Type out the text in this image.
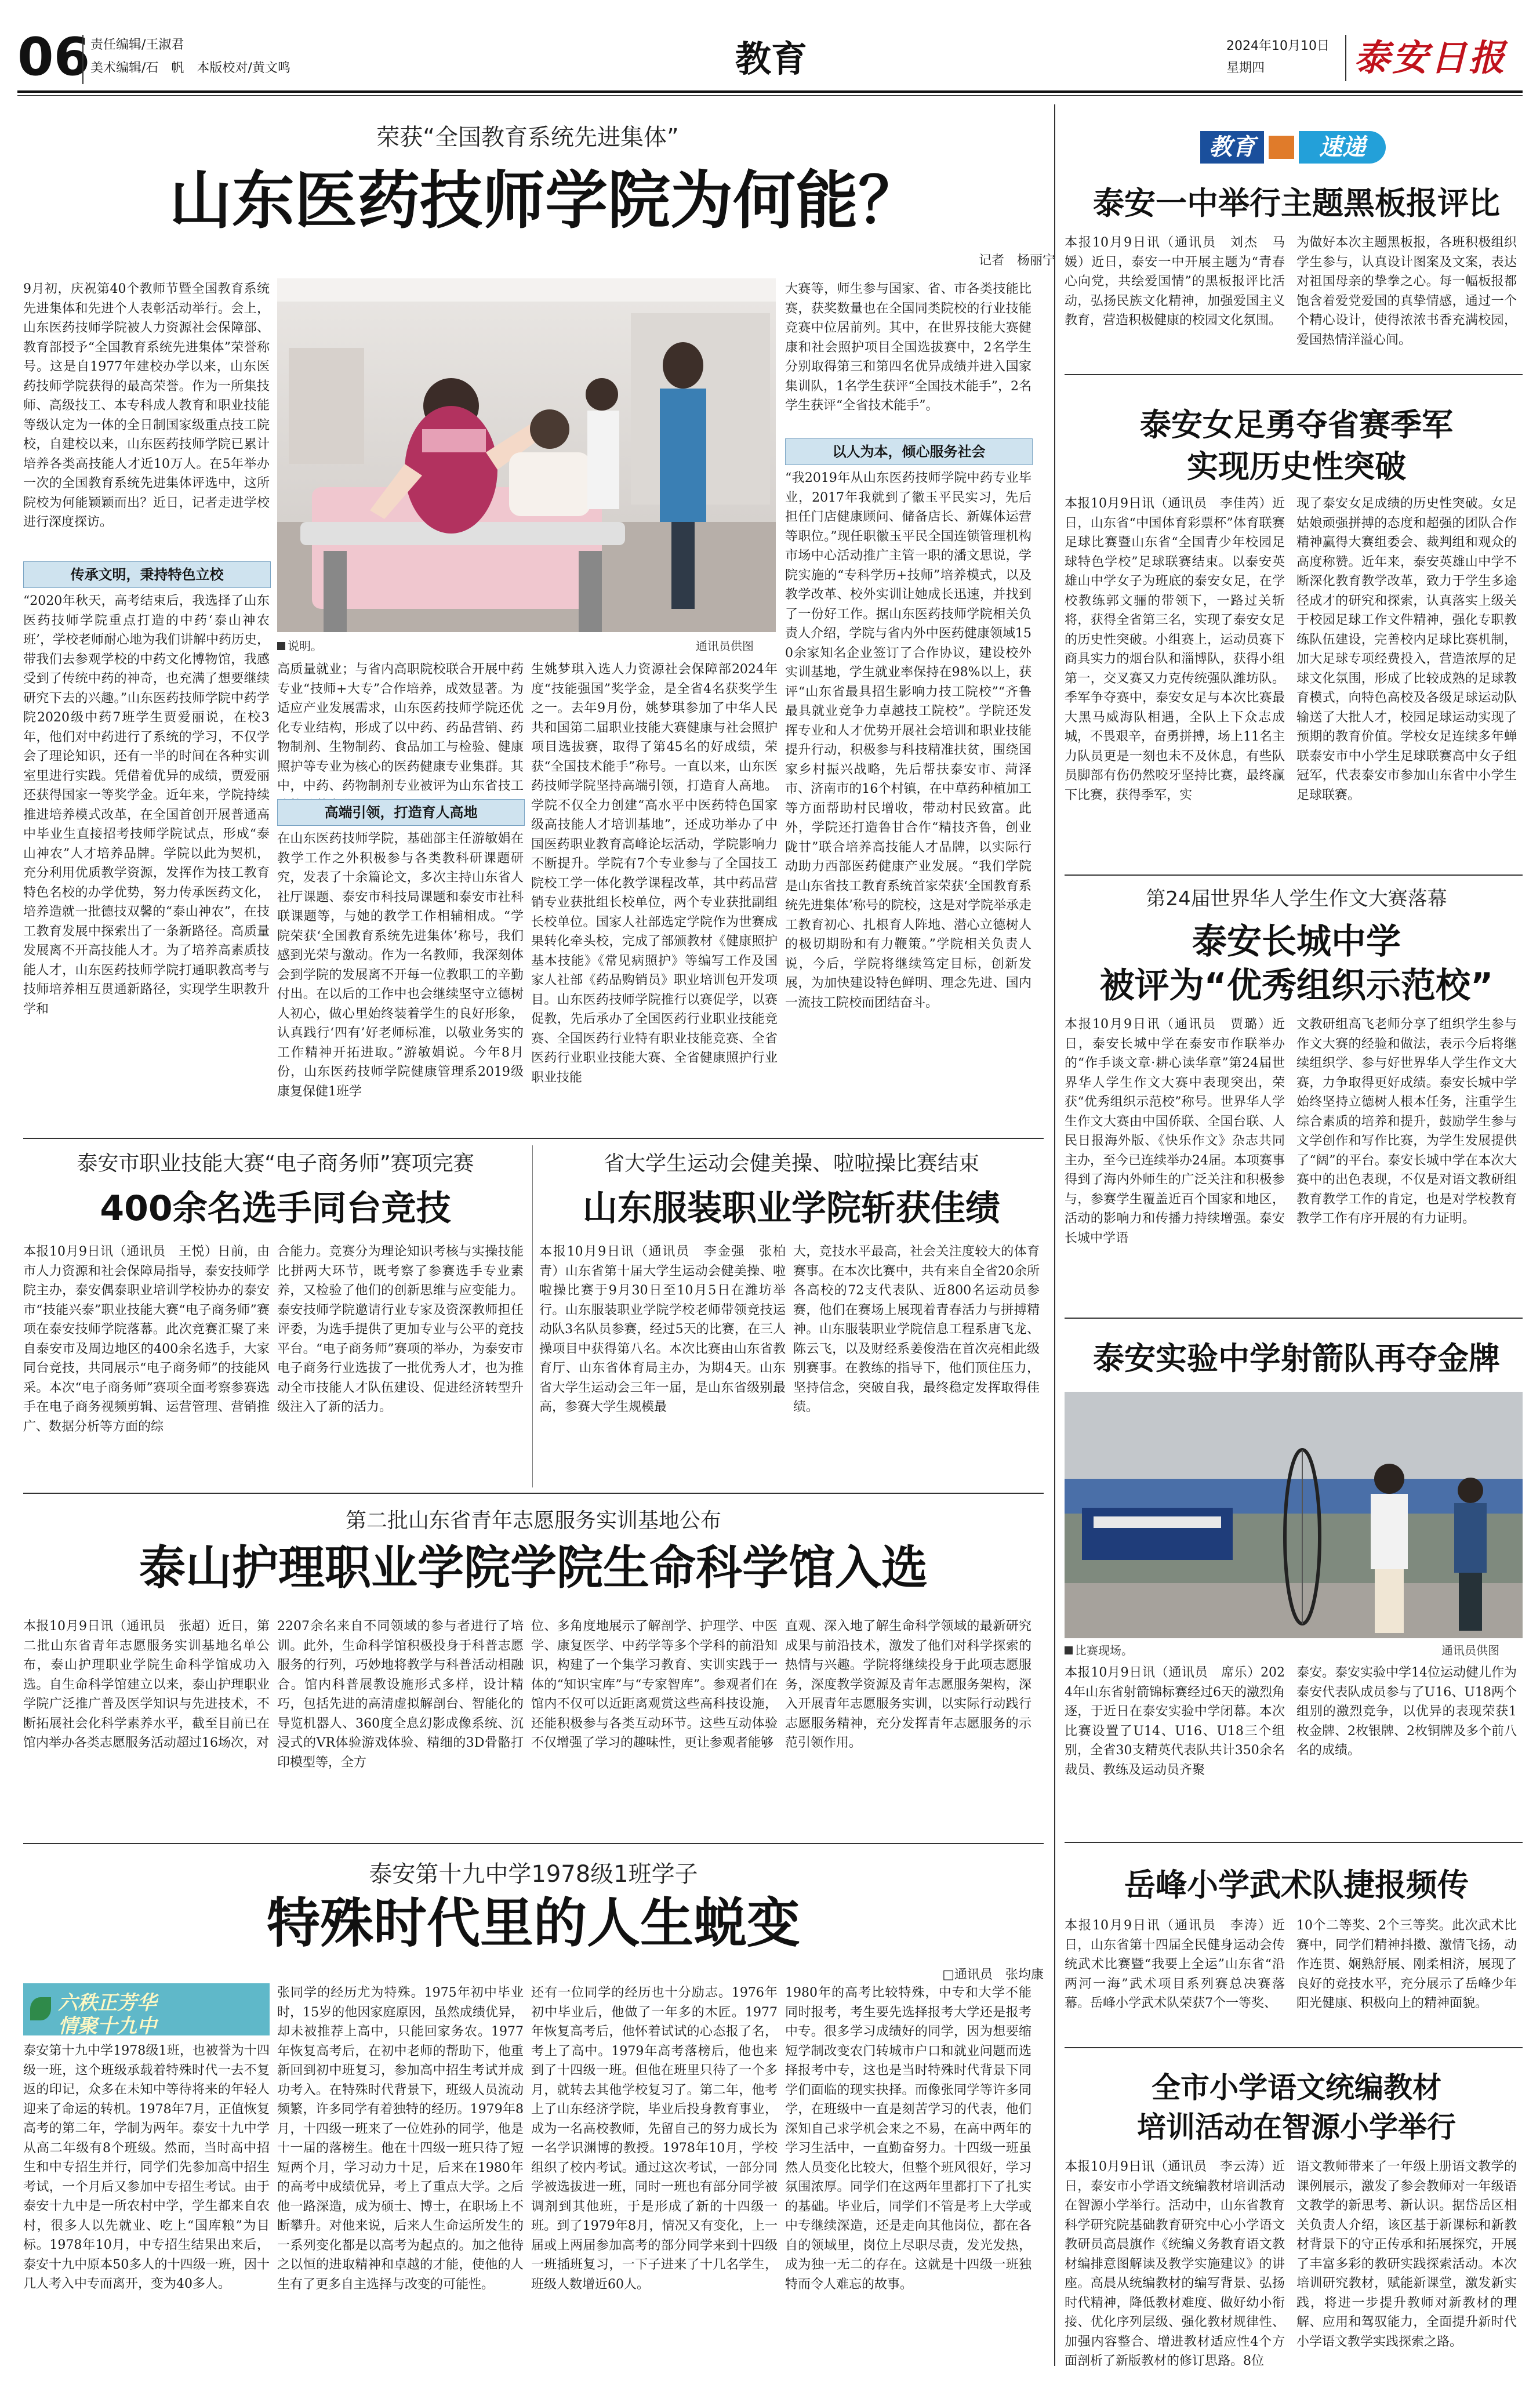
06 责任编辑/王淑君
美术编辑/石　帆　本版校对/黄文鸣	教育	2024年10月10日
星期四 泰安日报
荣获“全国教育系统先进集体”
山东医药技师学院为何能？
记者　杨丽宁

9月初，庆祝第40个教师节暨全国教育系统先进集体和先进个人表彰活动举行。会上，山东医药技师学院被人力资源社会保障部、教育部授予“全国教育系统先进集体”荣誉称号。这是自1977年建校办学以来，山东医药技师学院获得的最高荣誉。作为一所集技师、高级技工、本专科成人教育和职业技能等级认定为一体的全日制国家级重点技工院校，自建校以来，山东医药技师学院已累计培养各类高技能人才近10万人。在5年举办一次的全国教育系统先进集体评选中，这所院校为何能颖颖而出？近日，记者走进学校进行深度探访。

传承文明，秉持特色立校

“2020年秋天，高考结束后，我选择了山东医药技师学院重点打造的中药‘泰山神农班’，学校老师耐心地为我们讲解中药历史，带我们去参观学校的中药文化博物馆，我感受到了传统中药的神奇，也充满了想要继续研究下去的兴趣。”山东医药技师学院中药学院2020级中药7班学生贾爱丽说，在校3年，他们对中药进行了系统的学习，不仅学会了理论知识，还有一半的时间在各种实训室里进行实践。凭借着优异的成绩，贾爱丽还获得国家一等奖学金。近年来，学院持续推进培养模式改革，在全国首创开展普通高中毕业生直接招考技师学院试点，形成“泰山神农”人才培养品牌。学院以此为契机，充分利用优质教学资源，发挥作为技工教育特色名校的办学优势，努力传承医药文化，培养造就一批德技双馨的“泰山神农”，在技工教育发展中探索出了一条新路径。高质量发展离不开高技能人才。为了培养高素质技能人才，山东医药技师学院打通职教高考与技师培养相互贯通新路径，实现学生职教升学和

说明。	通讯员供图

高质量就业；与省内高职院校联合开展中药专业“技师+大专”合作培养，成效显著。为适应产业发展需求，山东医药技师学院还优化专业结构，形成了以中药、药品营销、药物制剂、生物制药、食品加工与检验、健康照护等专业为核心的医药健康专业集群。其中，中药、药物制剂专业被评为山东省技工

高端引领，打造育人高地

在山东医药技师学院，基础部主任游敏娟在教学工作之外积极参与各类教科研课题研究，发表了十余篇论文，多次主持山东省人社厅课题、泰安市科技局课题和泰安市社科联课题等，与她的教学工作相辅相成。“学院荣获‘全国教育系统先进集体’称号，我们感到光荣与激动。作为一名教师，我深刻体会到学院的发展离不开每一位教职工的辛勤付出。在以后的工作中也会继续坚守立德树人初心，做心里始终装着学生的良好形象，认真践行‘四有’好老师标准，以敬业务实的工作精神开拓进取。”游敏娟说。今年8月份，山东医药技师学院健康管理系2019级康复保健1班学

生姚梦琪入选人力资源社会保障部2024年度“技能强国”奖学金，是全省4名获奖学生之一。去年9月份，姚梦琪参加了中华人民共和国第二届职业技能大赛健康与社会照护项目选拔赛，取得了第45名的好成绩，荣获“全国技术能手”称号。一直以来，山东医药技师学院坚持高端引领，打造育人高地。学院不仅全力创建“高水平中医药特色国家级高技能人才培训基地”，还成功举办了中国医药职业教育高峰论坛活动，学院影响力不断提升。学院有7个专业参与了全国技工院校工学一体化教学课程改革，其中药品营销专业获批组长校单位，两个专业获批副组长校单位。国家人社部选定学院作为世赛成果转化牵头校，完成了部颁教材《健康照护基本技能》《常见病照护》等编写工作及国家人社部《药品购销员》职业培训包开发项目。山东医药技师学院推行以赛促学，以赛促教，先后承办了全国医药行业职业技能竞赛、全国医药行业特有职业技能竞赛、全省医药行业职业技能大赛、全省健康照护行业职业技能

大赛等，师生参与国家、省、市各类技能比赛，获奖数量也在全国同类院校的行业技能竞赛中位居前列。其中，在世界技能大赛健康和社会照护项目全国选拔赛中，2名学生分别取得第三和第四名优异成绩并进入国家集训队，1名学生获评“全国技术能手”，2名学生获评“全省技术能手”。

以人为本，倾心服务社会

“我2019年从山东医药技师学院中药专业毕业，2017年我就到了徽玉平民实习，先后担任门店健康顾问、储备店长、新媒体运营等职位。”现任职徽玉平民全国连锁管理机构市场中心活动推广主管一职的潘文思说，学院实施的“专科学历+技师”培养模式，以及教学改革、校外实训让她成长迅速，并找到了一份好工作。据山东医药技师学院相关负责人介绍，学院与省内外中医药健康领域150余家知名企业签订了合作协议，建设校外实训基地，学生就业率保持在98%以上，获评“山东省最具招生影响力技工院校”“齐鲁最具就业竞争力卓越技工院校”。学院还发挥专业和人才优势开展社会培训和职业技能提升行动，积极参与科技精准扶贫，围绕国家乡村振兴战略，先后帮扶泰安市、菏泽市、济南市的16个村镇，在中草药种植加工等方面帮助村民增收，带动村民致富。此外，学院还打造鲁甘合作“精技齐鲁，创业陇甘”联合培养高技能人才品牌，以实际行动助力西部医药健康产业发展。“我们学院是山东省技工教育系统首家荣获‘全国教育系统先进集体’称号的院校，这是对学院举承走工教育初心、扎根育人阵地、潜心立德树人的极切期盼和有力鞭策。”学院相关负责人说，今后，学院将继续笃定目标，创新发展，为加快建设特色鲜明、理念先进、国内一流技工院校而团结奋斗。

泰安市职业技能大赛“电子商务师”赛项完赛
400余名选手同台竞技

本报10月9日讯（通讯员　王悦）日前，由市人力资源和社会保障局指导，泰安技师学院主办，泰安偶泰职业培训学校协办的泰安市“技能兴泰”职业技能大赛“电子商务师”赛项在泰安技师学院落幕。此次竞赛汇聚了来自泰安市及周边地区的400余名选手，大家同台竞技，共同展示“电子商务师”的技能风采。本次“电子商务师”赛项全面考察参赛选手在电子商务视频剪辑、运营管理、营销推广、数据分析等方面的综

合能力。竞赛分为理论知识考核与实操技能比拼两大环节，既考察了参赛选手专业素养，又检验了他们的创新思维与应变能力。泰安技师学院邀请行业专家及资深教师担任评委，为选手提供了更加专业与公平的竞技平台。“电子商务师”赛项的举办，为泰安市电子商务行业选拔了一批优秀人才，也为推动全市技能人才队伍建设、促进经济转型升级注入了新的活力。

省大学生运动会健美操、啦啦操比赛结束
山东服装职业学院斩获佳绩

本报10月9日讯（通讯员　李金强　张柏青）山东省第十届大学生运动会健美操、啦啦操比赛于9月30日至10月5日在潍坊举行。山东服装职业学院学校老师带领竞技运动队3名队员参赛，经过5天的比赛，在三人操项目中获得第八名。本次比赛由山东省教育厅、山东省体育局主办，为期4天。山东省大学生运动会三年一届，是山东省级别最高，参赛大学生规模最

大，竞技水平最高，社会关注度较大的体育赛事。在本次比赛中，共有来自全省20余所各高校的72支代表队、近800名运动员参赛，他们在赛场上展现着青春活力与拼搏精神。山东服装职业学院信息工程系唐飞龙、陈云飞，以及财经系姜俊浩在首次亮相此级别赛事。在教练的指导下，他们顶住压力，坚持信念，突破自我，最终稳定发挥取得佳绩。

第二批山东省青年志愿服务实训基地公布
泰山护理职业学院学院生命科学馆入选

本报10月9日讯（通讯员　张超）近日，第二批山东省青年志愿服务实训基地名单公布，泰山护理职业学院生命科学馆成功入选。自生命科学馆建立以来，泰山护理职业学院广泛推广普及医学知识与先进技术，不断拓展社会化科学素养水平，截至目前已在馆内举办各类志愿服务活动超过16场次，对

2207余名来自不同领域的参与者进行了培训。此外，生命科学馆积极投身于科普志愿服务的行列，巧妙地将教学与科普活动相融合。馆内科普展教设施形式多样，设计精巧，包括先进的高清虚拟解剖台、智能化的导览机器人、360度全息幻影成像系统、沉浸式的VR体验游戏体验、精细的3D骨骼打印模型等，全方

位、多角度地展示了解剖学、护理学、中医学、康复医学、中药学等多个学科的前沿知识，构建了一个集学习教育、实训实践于一体的“知识宝库”与“专家智库”。参观者们在馆内不仅可以近距离观赏这些高科技设施，还能积极参与各类互动环节。这些互动体验不仅增强了学习的趣味性，更让参观者能够

直观、深入地了解生命科学领域的最新研究成果与前沿技术，激发了他们对科学探索的热情与兴趣。学院将继续投身于此项志愿服务，深度教学资源及青年志愿服务架构，深入开展青年志愿服务实训，以实际行动践行志愿服务精神，充分发挥青年志愿服务的示范引领作用。

泰安第十九中学1978级1班学子
特殊时代里的人生蜕变
□通讯员　张均康
六秩正芳华
情聚十九中

泰安第十九中学1978级1班，也被誉为十四级一班，这个班级承载着特殊时代一去不复返的印记，众多在未知中等待将来的年轻人迎来了命运的转机。1978年7月，正值恢复高考的第二年，学制为两年。泰安十九中学从高二年级有8个班级。然而，当时高中招生和中专招生并行，同学们先参加高中招生考试，一个月后又参加中专招生考试。由于泰安十九中是一所农村中学，学生都来自农村，很多人以先就业、吃上“国库粮”为目标。1978年10月，中专招生结果出来后，泰安十九中原本50多人的十四级一班，因十几人考入中专而离开，变为40多人。

张同学的经历尤为特殊。1975年初中毕业时，15岁的他因家庭原因，虽然成绩优异，却未被推荐上高中，只能回家务农。1977年恢复高考后，在初中老师的帮助下，他重新回到初中班复习，参加高中招生考试并成功考入。在特殊时代背景下，班级人员流动频繁，许多同学有着独特的经历。1979年8月，十四级一班来了一位姓孙的同学，他是十一届的落榜生。他在十四级一班只待了短短两个月，学习动力十足，后来在1980年的高考中成绩优异，考上了重点大学。之后他一路深造，成为硕士、博士，在职场上不断攀升。对他来说，后来人生命运所发生的一系列变化都是以高考为起点的。加之他待之以恒的进取精神和卓越的才能，使他的人生有了更多自主选择与改变的可能性。

还有一位同学的经历也十分励志。1976年初中毕业后，他做了一年多的木匠。1977年恢复高考后，他怀着试试的心态报了名，考上了高中。1979年高考落榜后，他也来到了十四级一班。但他在班里只待了一个多月，就转去其他学校复习了。第二年，他考上了山东经济学院，毕业后投身教育事业，成为一名高校教师，先留自己的努力成长为一名学识渊博的教授。1978年10月，学校组织了校内考试。通过这次考试，一部分同学被选拔进一班，同时一班也有部分同学被调剂到其他班，于是形成了新的十四级一班。到了1979年8月，情况又有变化，上一届或上两届参加高考的部分同学来到十四级一班插班复习，一下子进来了十几名学生，班级人数增近60人。

1980年的高考比较特殊，中专和大学不能同时报考，考生要先选择报考大学还是报考中专。很多学习成绩好的同学，因为想要缩短学制改变农门转城市户口和就业问题而选择报考中专，这也是当时特殊时代背景下同学们面临的现实抉择。而像张同学等许多同学，在班级中一直是刻苦学习的代表，他们深知自己求学机会来之不易，在高中两年的学习生活中，一直勤奋努力。十四级一班虽然人员变化比较大，但整个班风很好，学习氛围浓厚。同学们在这两年里都打下了扎实的基础。毕业后，同学们不管是考上大学或中专继续深造，还是走向其他岗位，都在各自的领域里，岗位上尽职尽责，发光发热，成为独一无二的存在。这就是十四级一班独特而令人难忘的故事。

教育	速递
泰安一中举行主题黑板报评比

本报10月9日讯（通讯员　刘杰　马媛）近日，泰安一中开展主题为“青春心向党，共绘爱国情”的黑板报评比活动，弘扬民族文化精神，加强爱国主义教育，营造积极健康的校园文化氛围。

为做好本次主题黑板报，各班积极组织学生参与，认真设计图案及文案，表达对祖国母亲的挚拳之心。每一幅板报都饱含着爱党爱国的真挚情感，通过一个个精心设计，使得浓浓书香充满校园，爱国热情洋溢心间。

泰安女足勇夺省赛季军
实现历史性突破

本报10月9日讯（通讯员　李佳芮）近日，山东省“中国体育彩票杯”体育联赛足球比赛暨山东省“全国青少年校园足球特色学校”足球联赛结束。以泰安英雄山中学女子为班底的泰安女足，在学校教练郭文骊的带领下，一路过关斩将，获得全省第三名，实现了泰安女足的历史性突破。小组赛上，运动员赛下商具实力的烟台队和淄博队，获得小组第一，交叉赛又力克传统强队潍坊队。季军争夺赛中，泰安女足与本次比赛最大黑马威海队相遇，全队上下众志成城，不畏艰辛，奋勇拼搏，场上11名主力队员更是一刻也未不及休息，有些队员脚部有伤仍然咬牙坚持比赛，最终赢下比赛，获得季军，实

现了泰安女足成绩的历史性突破。女足姑娘顽强拼搏的态度和超强的团队合作精神赢得大赛组委会、裁判组和观众的高度称赞。近年来，泰安英雄山中学不断深化教育教学改革，致力于学生多途径成才的研究和探索，认真落实上级关于校园足球工作文件精神，强化专职教练队伍建设，完善校内足球比赛机制，加大足球专项经费投入，营造浓厚的足球文化氛围，形成了比较成熟的足球教育模式，向特色高校及各级足球运动队输送了大批人才，校园足球运动实现了预期的教育价值。学校女足连续多年蝉联泰安市中小学生足球联赛高中女子组冠军，代表泰安市参加山东省中小学生足球联赛。

第24届世界华人学生作文大赛落幕
泰安长城中学
被评为“优秀组织示范校”

本报10月9日讯（通讯员　贾璐）近日，泰安长城中学在泰安市作联举办的“作手谈文章·耕心读华章”第24届世界华人学生作文大赛中表现突出，荣获“优秀组织示范校”称号。世界华人学生作文大赛由中国侨联、全国台联、人民日报海外版、《快乐作文》杂志共同主办，至今已连续举办24届。本项赛事得到了海内外师生的广泛关注和积极参与，参赛学生覆盖近百个国家和地区，活动的影响力和传播力持续增强。泰安长城中学语

文教研组高飞老师分享了组织学生参与作文大赛的经验和做法，表示今后将继续组织学、参与好世界华人学生作文大赛，力争取得更好成绩。泰安长城中学始终坚持立德树人根本任务，注重学生综合素质的培养和提升，鼓励学生参与文学创作和写作比赛，为学生发展提供了“阔”的平台。泰安长城中学在本次大赛中的出色表现，不仅是对语文教研组教育教学工作的肯定，也是对学校教育教学工作有序开展的有力证明。

泰安实验中学射箭队再夺金牌
比赛现场。	通讯员供图

本报10月9日讯（通讯员　席乐）2024年山东省射箭锦标赛经过6天的激烈角逐，于近日在泰安实验中学闭幕。本次比赛设置了U14、U16、U18三个组别，全省30支精英代表队共计350余名裁员、教练及运动员齐聚

泰安。泰安实验中学14位运动健儿作为泰安代表队成员参与了U16、U18两个组别的激烈竞争，以优异的表现荣获1枚金牌、2枚银牌、2枚铜牌及多个前八名的成绩。

岳峰小学武术队捷报频传

本报10月9日讯（通讯员　李涛）近日，山东省第十四届全民健身运动会传统武术比赛暨“我要上全运”山东省“沿两河一海”武术项目系列赛总决赛落幕。岳峰小学武术队荣获7个一等奖、

10个二等奖、2个三等奖。此次武术比赛中，同学们精神抖擞、激情飞扬，动作连贯、娴熟舒展、刚柔相济，展现了良好的竞技水平，充分展示了岳峰少年阳光健康、积极向上的精神面貌。

全市小学语文统编教材
培训活动在智源小学举行

本报10月9日讯（通讯员　李云涛）近日，泰安市小学语文统编教材培训活动在智源小学举行。活动中，山东省教育科学研究院基础教育研究中心小学语文教研员高晨旗作《统编义务教育语文教材编排意图解读及教学实施建议》的讲座。高晨从统编教材的编写背景、弘扬时代精神，降低教材难度、做好幼小衔接、优化序列层级、强化教材规律性、加强内容整合、增进教材适应性4个方面剖析了新版教材的修订思路。8位

语文教师带来了一年级上册语文教学的课例展示，激发了参会教师对一年级语文教学的新思考、新认识。据岱岳区相关负责人介绍，该区基于新课标和新教材背景下的守正传承和拓展探究，开展了丰富多彩的教研实践探索活动。本次培训研究教材，赋能新课堂，激发新实践，将进一步提升教师对新教材的理解、应用和驾驭能力，全面提升新时代小学语文教学实践探索之路。
